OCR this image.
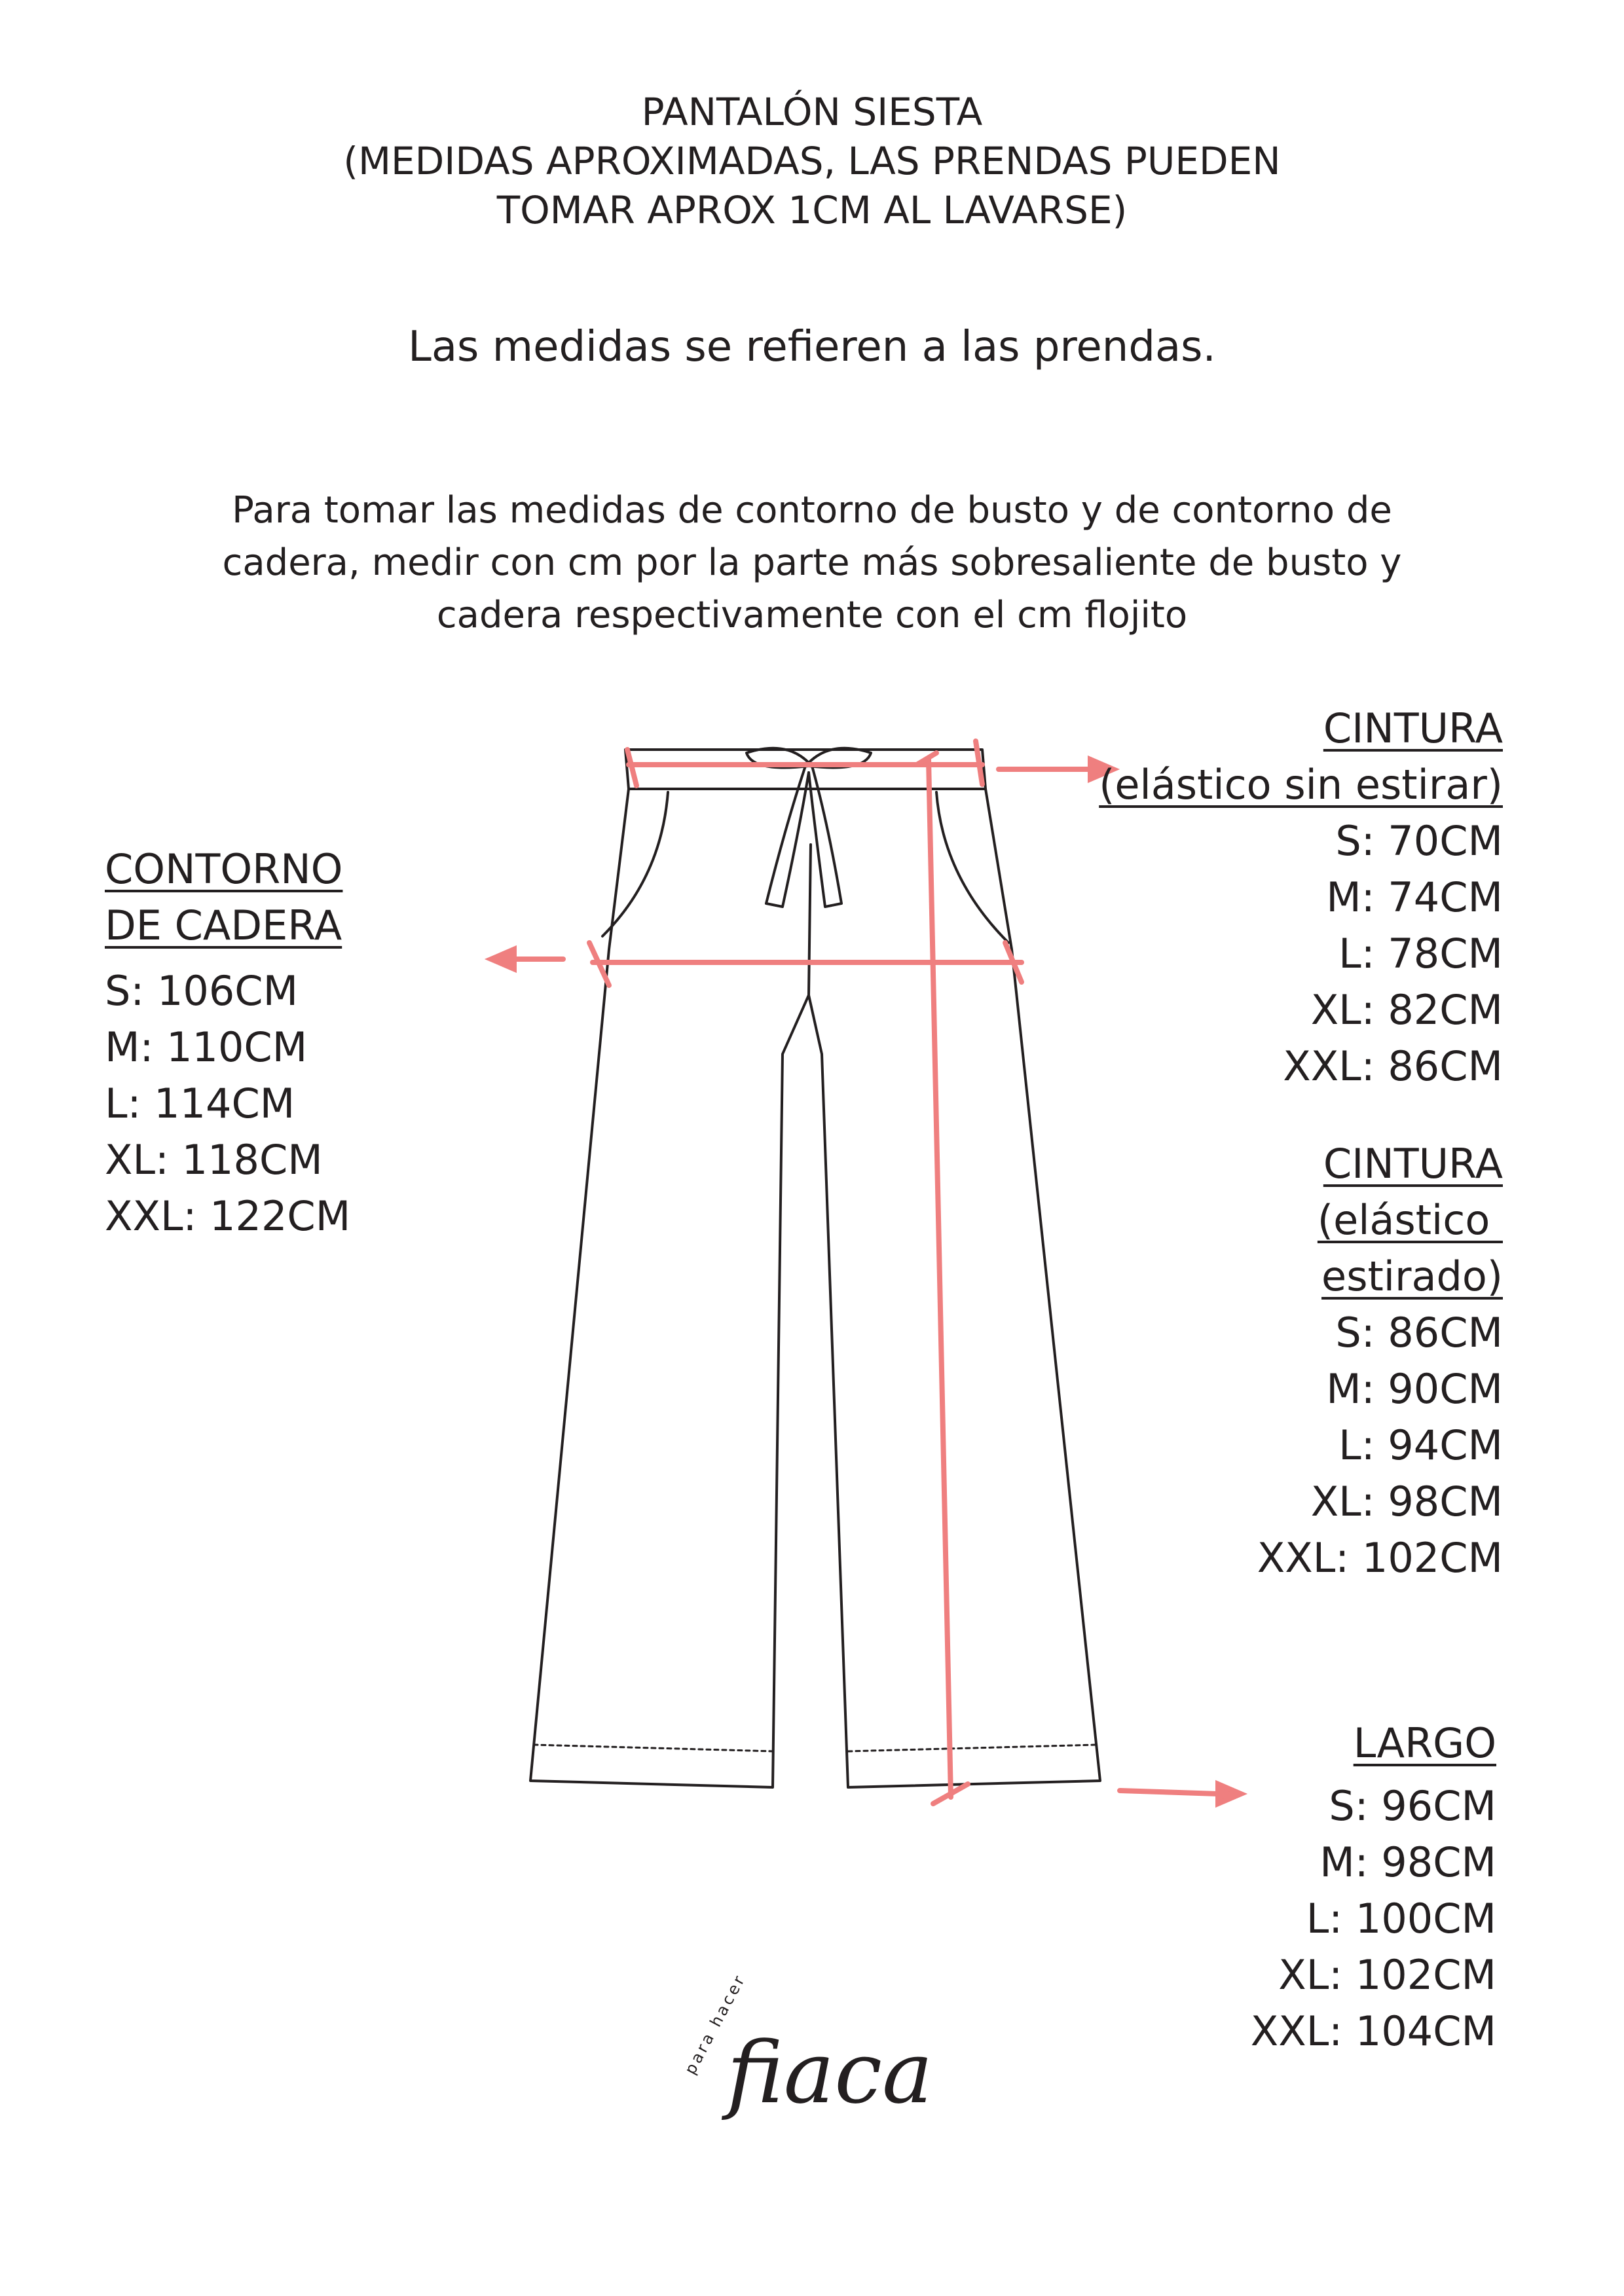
PANTALÓN SIESTA
(MEDIDAS APROXIMADAS, LAS PRENDAS PUEDEN
TOMAR APROX 1CM AL LAVARSE)
Las medidas se refieren a las prendas.
Para tomar las medidas de contorno de busto y de contorno de
cadera, medir con cm por la parte más sobresaliente de busto y
cadera respectivamente con el cm flojito
CONTORNO
DE CADERA
S: 106CM
M: 110CM
L: 114CM
XL: 118CM
XXL: 122CM
CINTURA
(elástico sin estirar)
S: 70CM
M: 74CM
L: 78CM
XL: 82CM
XXL: 86CM
CINTURA
(elástico
estirado)
S: 86CM
M: 90CM
L: 94CM
XL: 98CM
XXL: 102CM
LARGO
S: 96CM
M: 98CM
L: 100CM
XL: 102CM
XXL: 104CM
para hacer
fiaca
